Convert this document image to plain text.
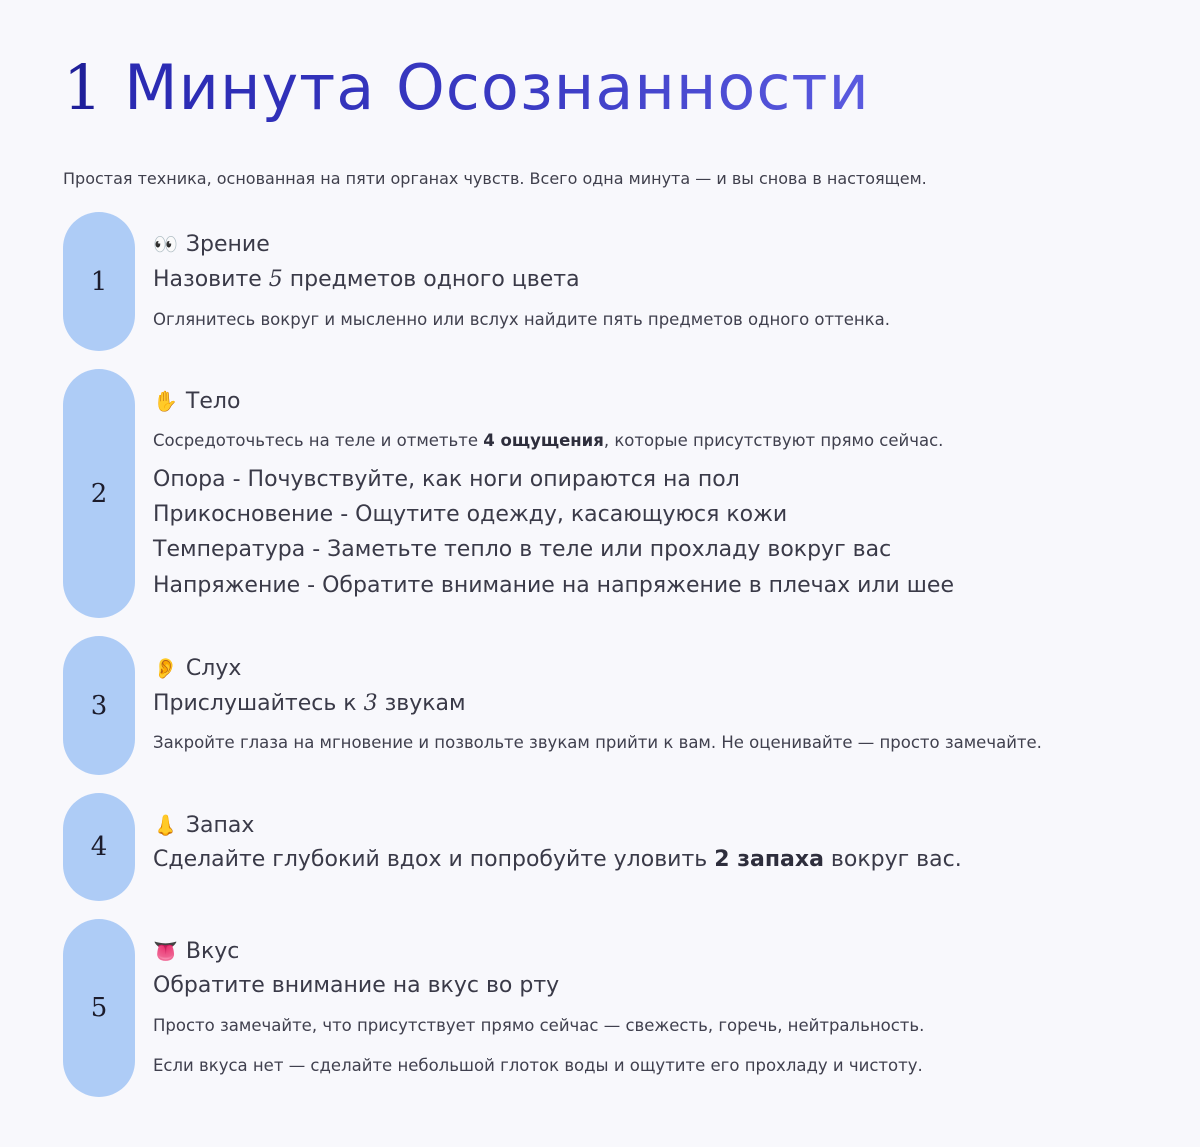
1 Минута Осознанности
Простая техника, основанная на пяти органах чувств. Всего одна минута — и вы снова в настоящем.
1
👀 Зрение
Назовите 5 предметов одного цвета
Оглянитесь вокруг и мысленно или вслух найдите пять предметов одного оттенка.
2
✋ Тело
Сосредоточьтесь на теле и отметьте 4 ощущения, которые присутствуют прямо сейчас.
Опора - Почувствуйте, как ноги опираются на пол
Прикосновение - Ощутите одежду, касающуюся кожи
Температура - Заметьте тепло в теле или прохладу вокруг вас
Напряжение - Обратите внимание на напряжение в плечах или шее
3
👂 Слух
Прислушайтесь к 3 звукам
Закройте глаза на мгновение и позвольте звукам прийти к вам. Не оценивайте — просто замечайте.
4
👃 Запах
Сделайте глубокий вдох и попробуйте уловить 2 запаха вокруг вас.
5
👅 Вкус
Обратите внимание на вкус во рту
Просто замечайте, что присутствует прямо сейчас — свежесть, горечь, нейтральность.
Если вкуса нет — сделайте небольшой глоток воды и ощутите его прохладу и чистоту.
